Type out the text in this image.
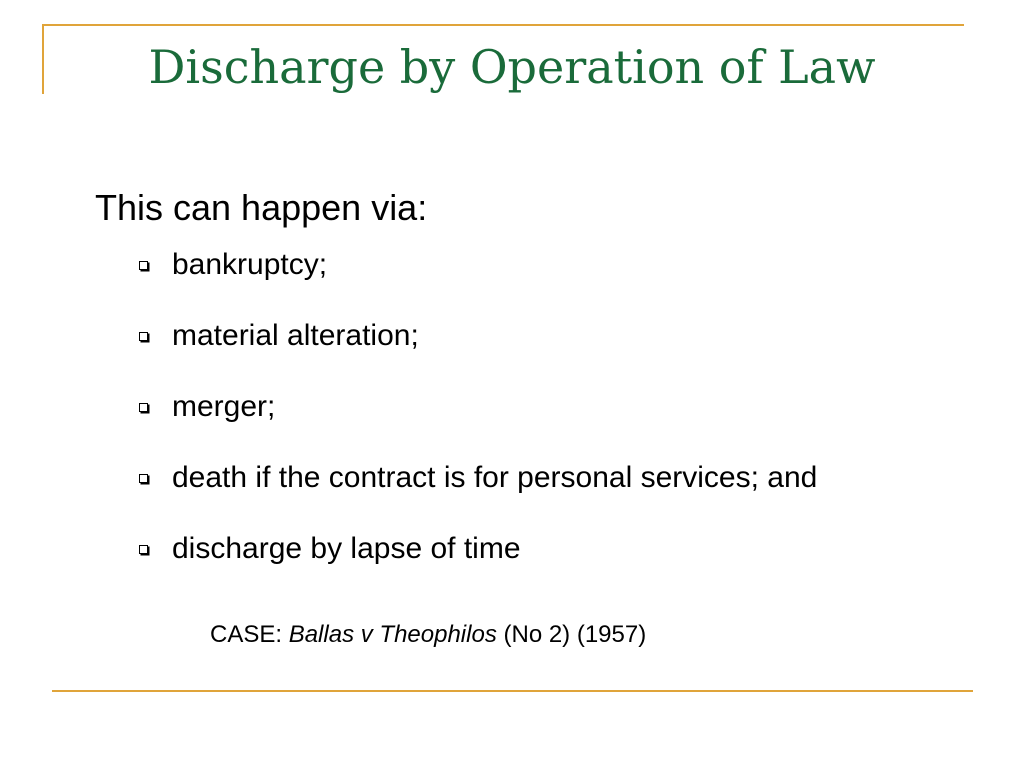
Discharge by Operation of Law
This can happen via:
bankruptcy;
material alteration;
merger;
death if the contract is for personal services; and
discharge by lapse of time
CASE: Ballas v Theophilos (No 2) (1957)
